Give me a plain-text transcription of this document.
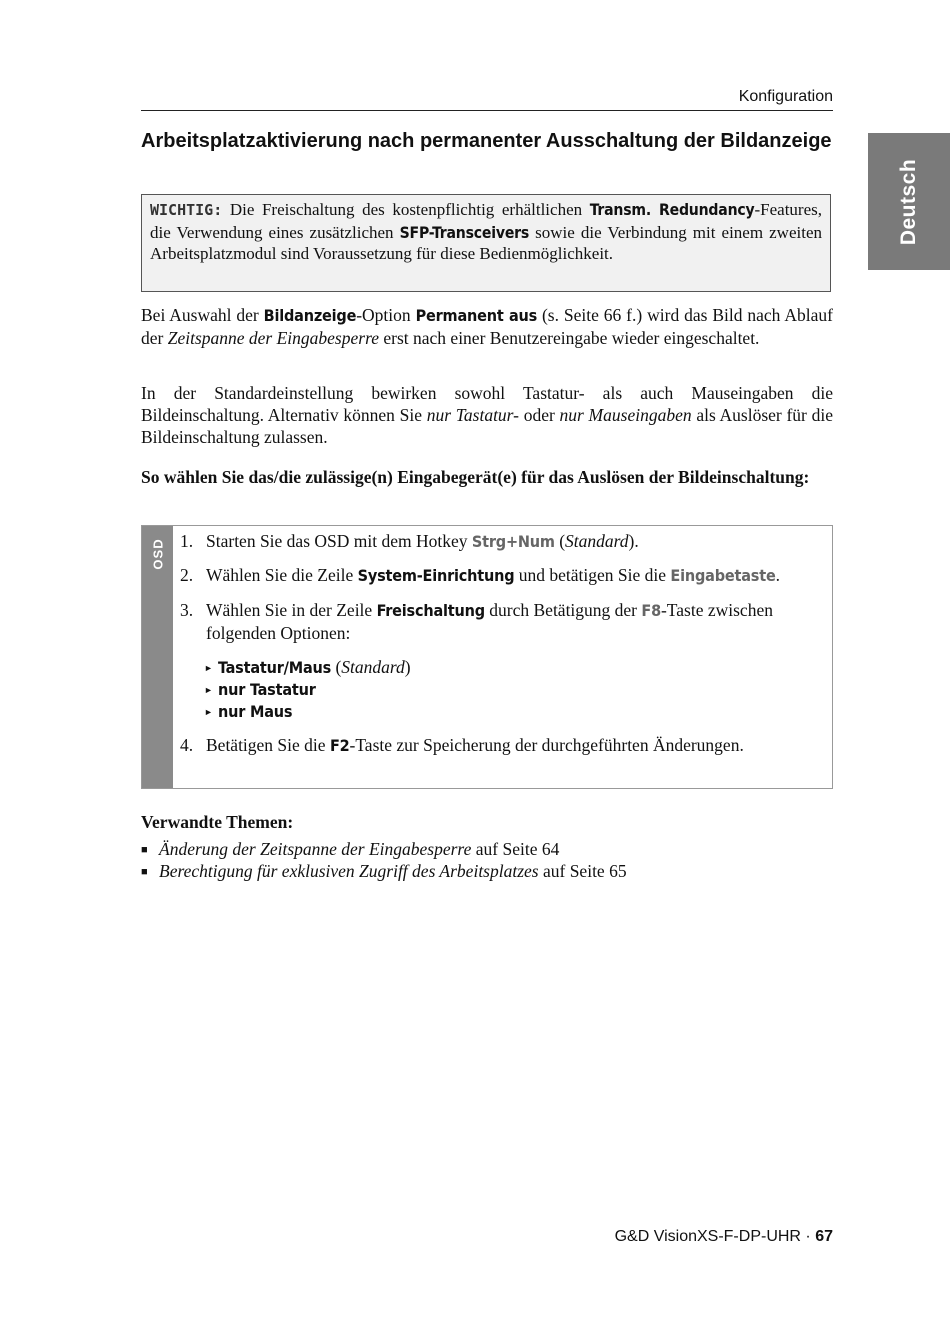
Konfiguration
Deutsch
Arbeitsplatzaktivierung nach permanenter Ausschaltung der Bildanzeige
WICHTIG: Die Freischaltung des kostenpflichtig erhältlichen Transm. Redundancy-Features, die Verwendung eines zusätzlichen SFP-Transceivers sowie die Verbindung mit einem zweiten Arbeitsplatzmodul sind Voraussetzung für diese Bedienmöglichkeit.

Bei Auswahl der Bildanzeige-Option Permanent aus (s. Seite 66 f.) wird das Bild nach Ablauf der Zeitspanne der Eingabesperre erst nach einer Benutzereingabe wieder eingeschaltet.

In der Standardeinstellung bewirken sowohl Tastatur- als auch Mauseingaben die Bildeinschaltung. Alternativ können Sie nur Tastatur- oder nur Mauseingaben als Auslöser für die Bildeinschaltung zulassen.

So wählen Sie das/die zulässige(n) Eingabegerät(e) für das Auslösen der Bildeinschaltung:

OSD 1. Starten Sie das OSD mit dem Hotkey Strg+Num (Standard).
2. Wählen Sie die Zeile System-Einrichtung und betätigen Sie die Eingabetaste.
3. Wählen Sie in der Zeile Freischaltung durch Betätigung der F8-Taste zwischen folgenden Optionen:
► Tastatur/Maus (Standard)
► nur Tastatur
► nur Maus
4. Betätigen Sie die F2-Taste zur Speicherung der durchgeführten Änderungen.

Verwandte Themen:

■ Änderung der Zeitspanne der Eingabesperre auf Seite 64
■ Berechtigung für exklusiven Zugriff des Arbeitsplatzes auf Seite 65
G&D VisionXS-F-DP-UHR · 67
